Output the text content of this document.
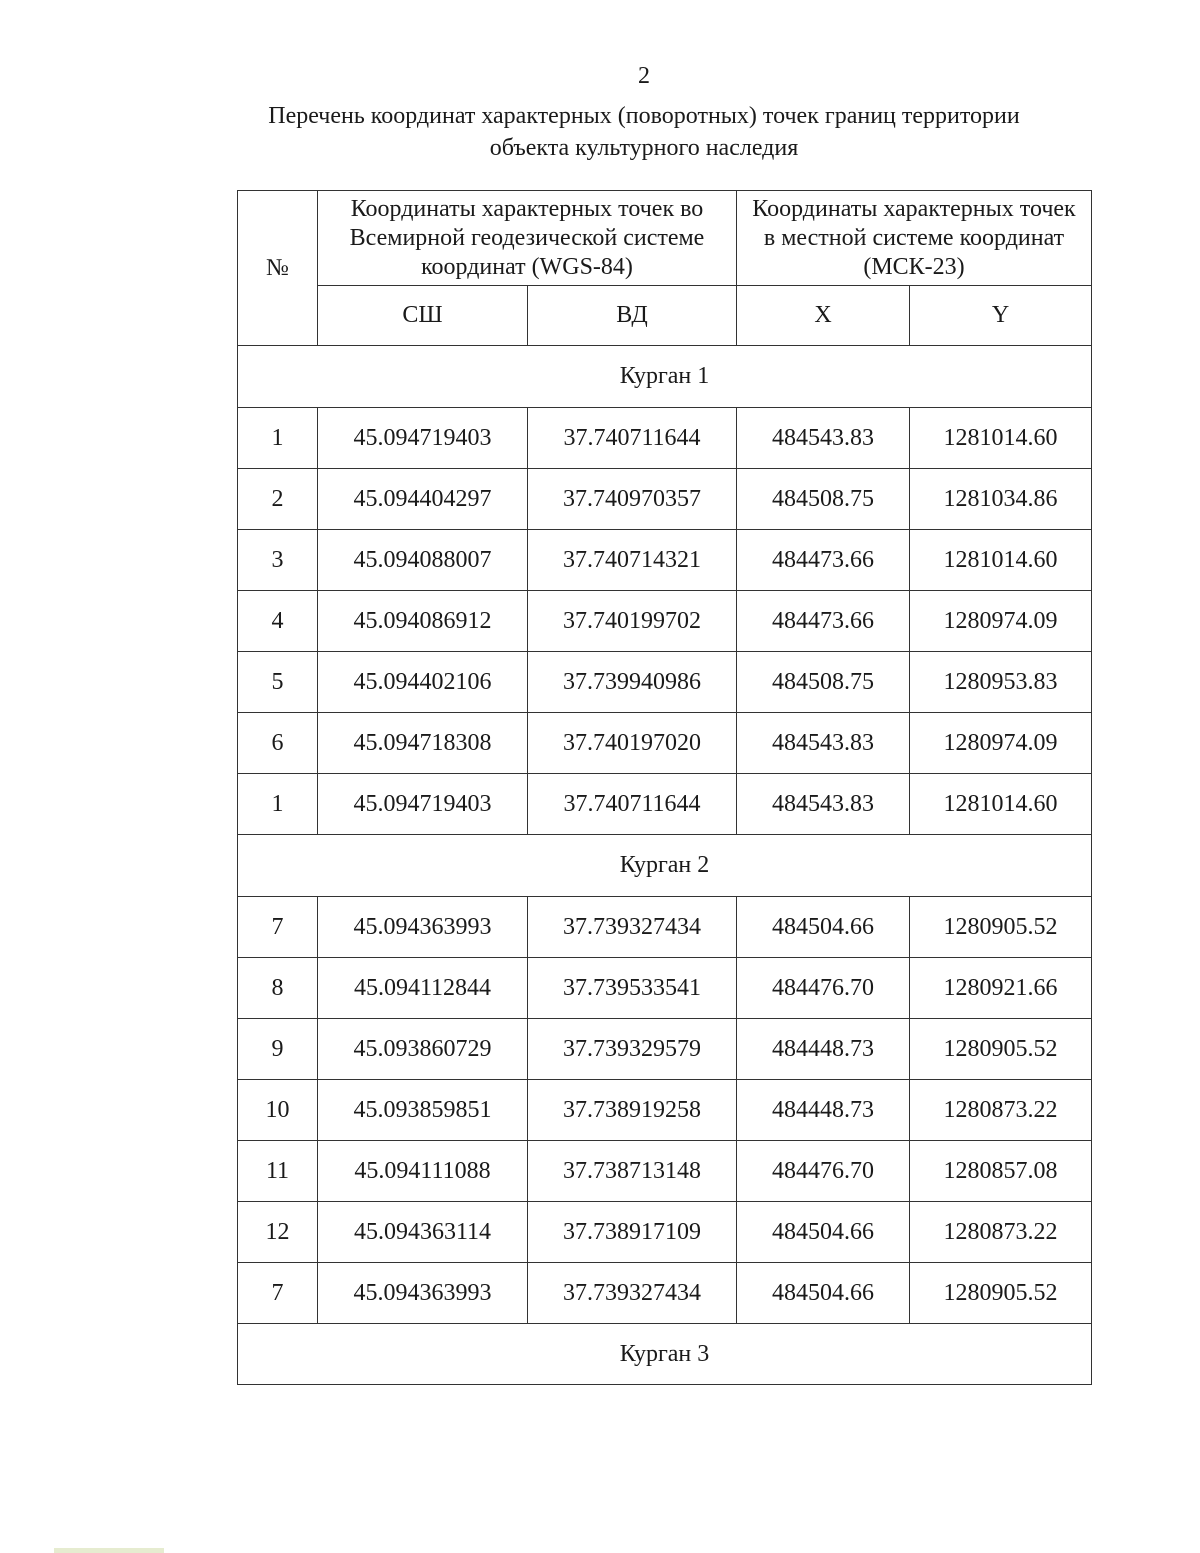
2
Перечень координат характерных (поворотных) точек границ территории
объекта культурного наследия
№	Координаты характерных точек во Всемирной геодезической системе координат (WGS-84)		Координаты характерных точек в местной системе координат (МСК-23)	
	СШ	ВД	X	Y
Курган 1				
1	45.094719403	37.740711644	484543.83	1281014.60
2	45.094404297	37.740970357	484508.75	1281034.86
3	45.094088007	37.740714321	484473.66	1281014.60
4	45.094086912	37.740199702	484473.66	1280974.09
5	45.094402106	37.739940986	484508.75	1280953.83
6	45.094718308	37.740197020	484543.83	1280974.09
1	45.094719403	37.740711644	484543.83	1281014.60
Курган 2				
7	45.094363993	37.739327434	484504.66	1280905.52
8	45.094112844	37.739533541	484476.70	1280921.66
9	45.093860729	37.739329579	484448.73	1280905.52
10	45.093859851	37.738919258	484448.73	1280873.22
11	45.094111088	37.738713148	484476.70	1280857.08
12	45.094363114	37.738917109	484504.66	1280873.22
7	45.094363993	37.739327434	484504.66	1280905.52
Курган 3				
